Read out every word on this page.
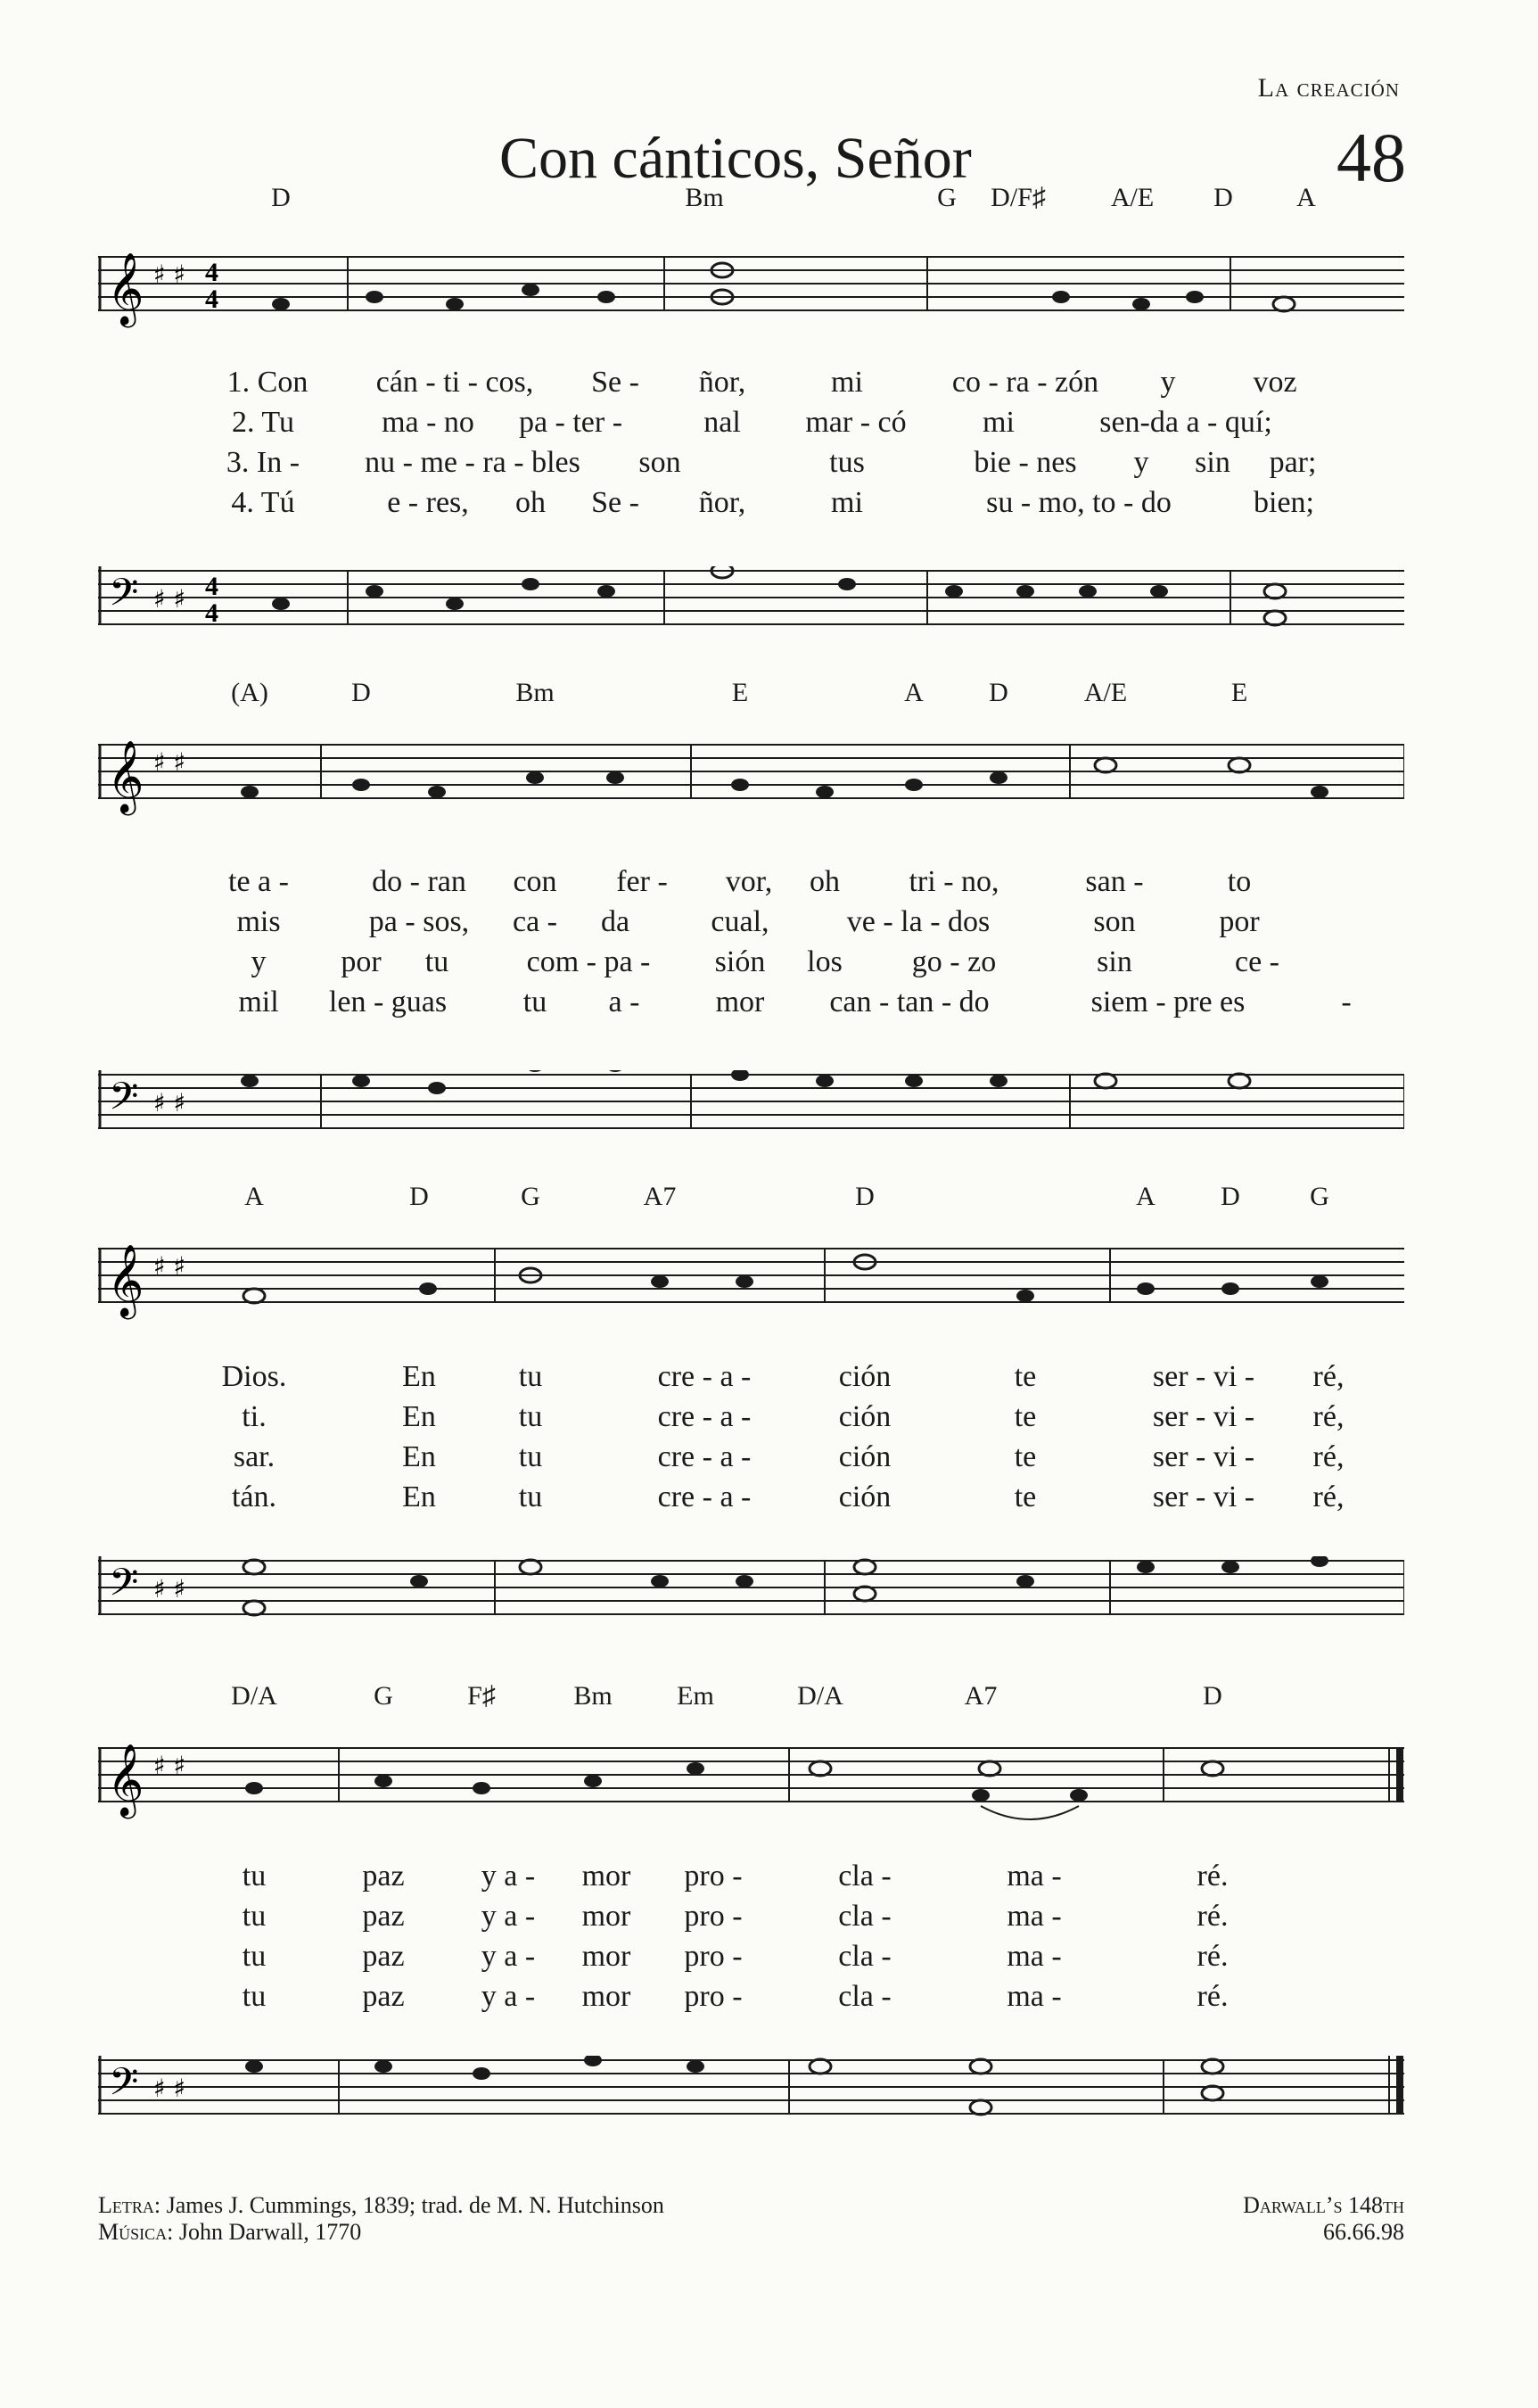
La creación
Con cánticos, Señor	48
D	Bm	G D/F♯ A/E D A
𝄞 ♯ ♯ 4
4
1. Con cán - ti - cos, Se - ñor,	mi	co - ra - zón y	voz
2. Tu	ma - no pa - ter -	nal mar - có	mi	sen-da a - quí;
3. In - nu - me - ra - bles son	tus	bie - nes y sin par;
4. Tú	e - res, oh Se - ñor,	mi	su - mo, to - do	bien;
𝄢 ♯ ♯ 4
4
(A)	D	Bm	E	A D	A/E	E
𝄞 ♯ ♯
te a -	do - ran con fer - vor, oh tri - no,	san -	to
mis	pa - sos, ca - da	cual,	ve - la - dos	son	por
y por tu	com - pa - sión los go - zo	sin	ce -
mil len - guas	tu a -	mor can - tan - do	siem - pre es	-
𝄢 ♯ ♯
A	D	G	A7	D	A D	G
𝄞 ♯ ♯
Dios.	En	tu	cre - a -	ción	te	ser - vi - ré,
ti.	En	tu	cre - a -	ción	te	ser - vi - ré,
sar.	En	tu	cre - a -	ción	te	ser - vi - ré,
tán.	En	tu	cre - a -	ción	te	ser - vi - ré,
𝄢 ♯ ♯
D/A	G	F♯	Bm Em	D/A	A7	D
𝄞 ♯ ♯
tu	paz	y a - mor pro -	cla -	ma -	ré.
tu	paz	y a - mor pro -	cla -	ma -	ré.
tu	paz	y a - mor pro -	cla -	ma -	ré.
tu	paz	y a - mor pro -	cla -	ma -	ré.
𝄢 ♯ ♯
Letra: James J. Cummings, 1839; trad. de M. N. Hutchinson
Música: John Darwall, 1770
Darwall’s 148th
66.66.98
